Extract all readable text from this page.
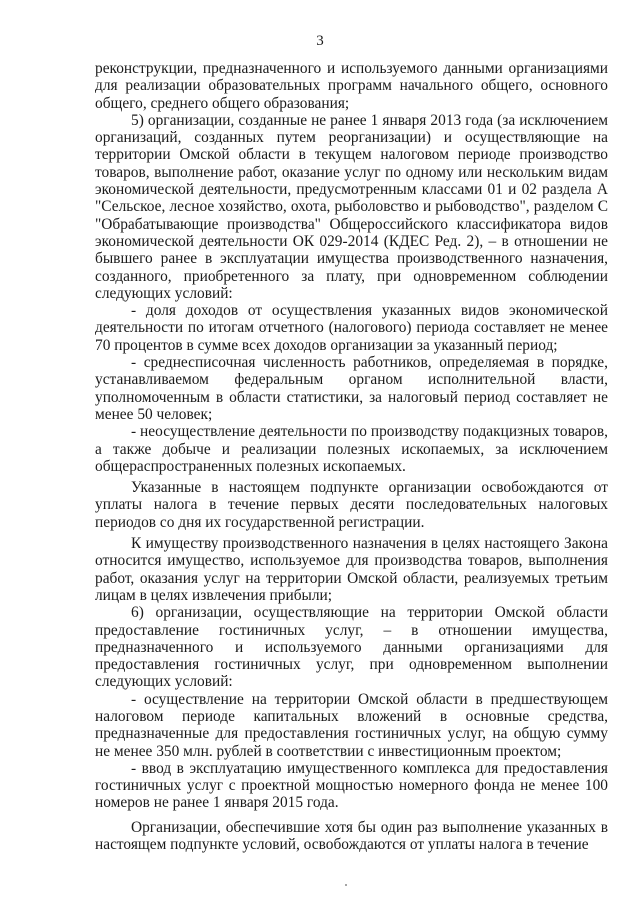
3

реконструкции, предназначенного и используемого данными организациями для реализации образовательных программ начального общего, основного общего, среднего общего образования;

5) организации, созданные не ранее 1 января 2013 года (за исключением организаций, созданных путем реорганизации) и осуществляющие на территории Омской области в текущем налоговом периоде производство товаров, выполнение работ, оказание услуг по одному или нескольким видам экономической деятельности, предусмотренным классами 01 и 02 раздела А "Сельское, лесное хозяйство, охота, рыболовство и рыбоводство", разделом С "Обрабатывающие производства" Общероссийского классификатора видов экономической деятельности ОК 029-2014 (КДЕС Ред. 2), – в отношении не бывшего ранее в эксплуатации имущества производственного назначения, созданного, приобретенного за плату, при одновременном соблюдении следующих условий:

- доля доходов от осуществления указанных видов экономической деятельности по итогам отчетного (налогового) периода составляет не менее 70 процентов в сумме всех доходов организации за указанный период;

- среднесписочная численность работников, определяемая в порядке, устанавливаемом федеральным органом исполнительной власти, уполномоченным в области статистики, за налоговый период составляет не менее 50 человек;

- неосуществление деятельности по производству подакцизных товаров, а также добыче и реализации полезных ископаемых, за исключением общераспространенных полезных ископаемых.

Указанные в настоящем подпункте организации освобождаются от уплаты налога в течение первых десяти последовательных налоговых периодов со дня их государственной регистрации.

К имуществу производственного назначения в целях настоящего Закона относится имущество, используемое для производства товаров, выполнения работ, оказания услуг на территории Омской области, реализуемых третьим лицам в целях извлечения прибыли;

6) организации, осуществляющие на территории Омской области предоставление гостиничных услуг, – в отношении имущества, предназначенного и используемого данными организациями для предоставления гостиничных услуг, при одновременном выполнении следующих условий:

- осуществление на территории Омской области в предшествующем налоговом периоде капитальных вложений в основные средства, предназначенные для предоставления гостиничных услуг, на общую сумму не менее 350 млн. рублей в соответствии с инвестиционным проектом;

- ввод в эксплуатацию имущественного комплекса для предоставления гостиничных услуг с проектной мощностью номерного фонда не менее 100 номеров не ранее 1 января 2015 года.

Организации, обеспечившие хотя бы один раз выполнение указанных в настоящем подпункте условий, освобождаются от уплаты налога в течение
